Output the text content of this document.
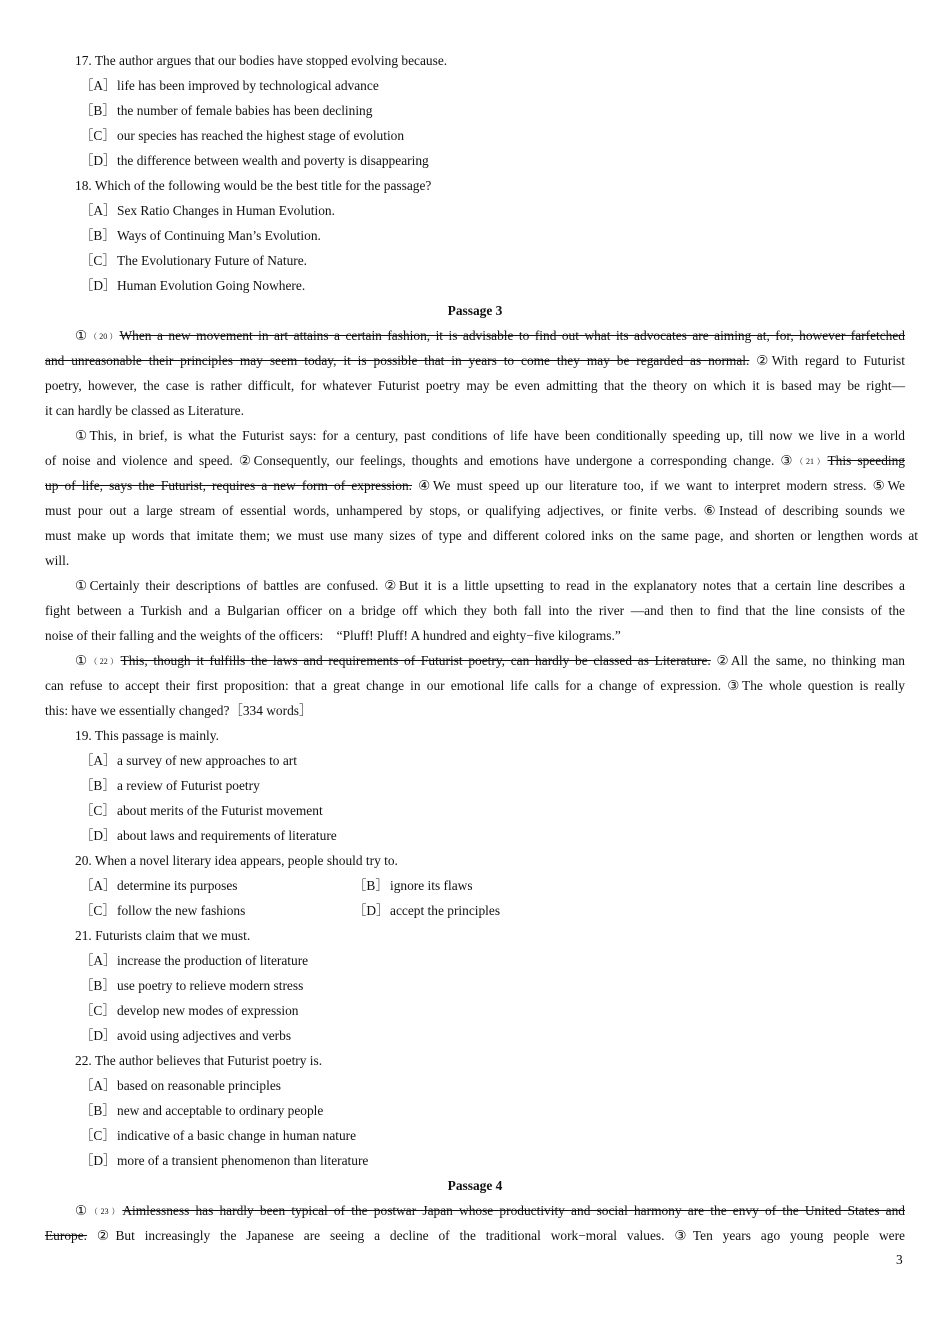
17. The author argues that our bodies have stopped evolving because.
［A］life has been improved by technological advance
［B］the number of female babies has been declining
［C］our species has reached the highest stage of evolution
［D］the difference between wealth and poverty is disappearing
18. Which of the following would be the best title for the passage?
［A］Sex Ratio Changes in Human Evolution.
［B］Ways of Continuing Man’s Evolution.
［C］The Evolutionary Future of Nature.
［D］Human Evolution Going Nowhere.
Passage 3
①（20）When a new movement in art attains a certain fashion, it is advisable to find out what its advocates are aiming at, for, however farfetched
and unreasonable their principles may seem today, it is possible that in years to come they may be regarded as normal. ②With regard to Futurist
poetry, however, the case is rather difficult, for whatever Futurist poetry may be even admitting that the theory on which it is based may be right—
it can hardly be classed as Literature.
①This, in brief, is what the Futurist says: for a century, past conditions of life have been conditionally speeding up, till now we live in a world
of noise and violence and speed. ②Consequently, our feelings, thoughts and emotions have undergone a corresponding change. ③（21）This speeding
up of life, says the Futurist, requires a new form of expression. ④We must speed up our literature too, if we want to interpret modern stress. ⑤We
must pour out a large stream of essential words, unhampered by stops, or qualifying adjectives, or finite verbs. ⑥Instead of describing sounds we
must make up words that imitate them; we must use many sizes of type and different colored inks on the same page, and shorten or lengthen words at
will.
①Certainly their descriptions of battles are confused. ②But it is a little upsetting to read in the explanatory notes that a certain line describes a
fight between a Turkish and a Bulgarian officer on a bridge off which they both fall into the river —and then to find that the line consists of the
noise of their falling and the weights of the officers:　“Pluff! Pluff! A hundred and eighty−five kilograms.”
①（22）This, though it fulfills the laws and requirements of Futurist poetry, can hardly be classed as Literature. ②All the same, no thinking man
can refuse to accept their first proposition: that a great change in our emotional life calls for a change of expression. ③The whole question is really
this: have we essentially changed?［334 words］
19. This passage is mainly.
［A］a survey of new approaches to art
［B］a review of Futurist poetry
［C］about merits of the Futurist movement
［D］about laws and requirements of literature
20. When a novel literary idea appears, people should try to.
［A］determine its purposes	［B］ignore its flaws
［C］follow the new fashions	［D］accept the principles
21. Futurists claim that we must.
［A］increase the production of literature
［B］use poetry to relieve modern stress
［C］develop new modes of expression
［D］avoid using adjectives and verbs
22. The author believes that Futurist poetry is.
［A］based on reasonable principles
［B］new and acceptable to ordinary people
［C］indicative of a basic change in human nature
［D］more of a transient phenomenon than literature
Passage 4
①（23）Aimlessness has hardly been typical of the postwar Japan whose productivity and social harmony are the envy of the United States and
Europe. ②But increasingly the Japanese are seeing a decline of the traditional work−moral values. ③Ten years ago young people were
3
